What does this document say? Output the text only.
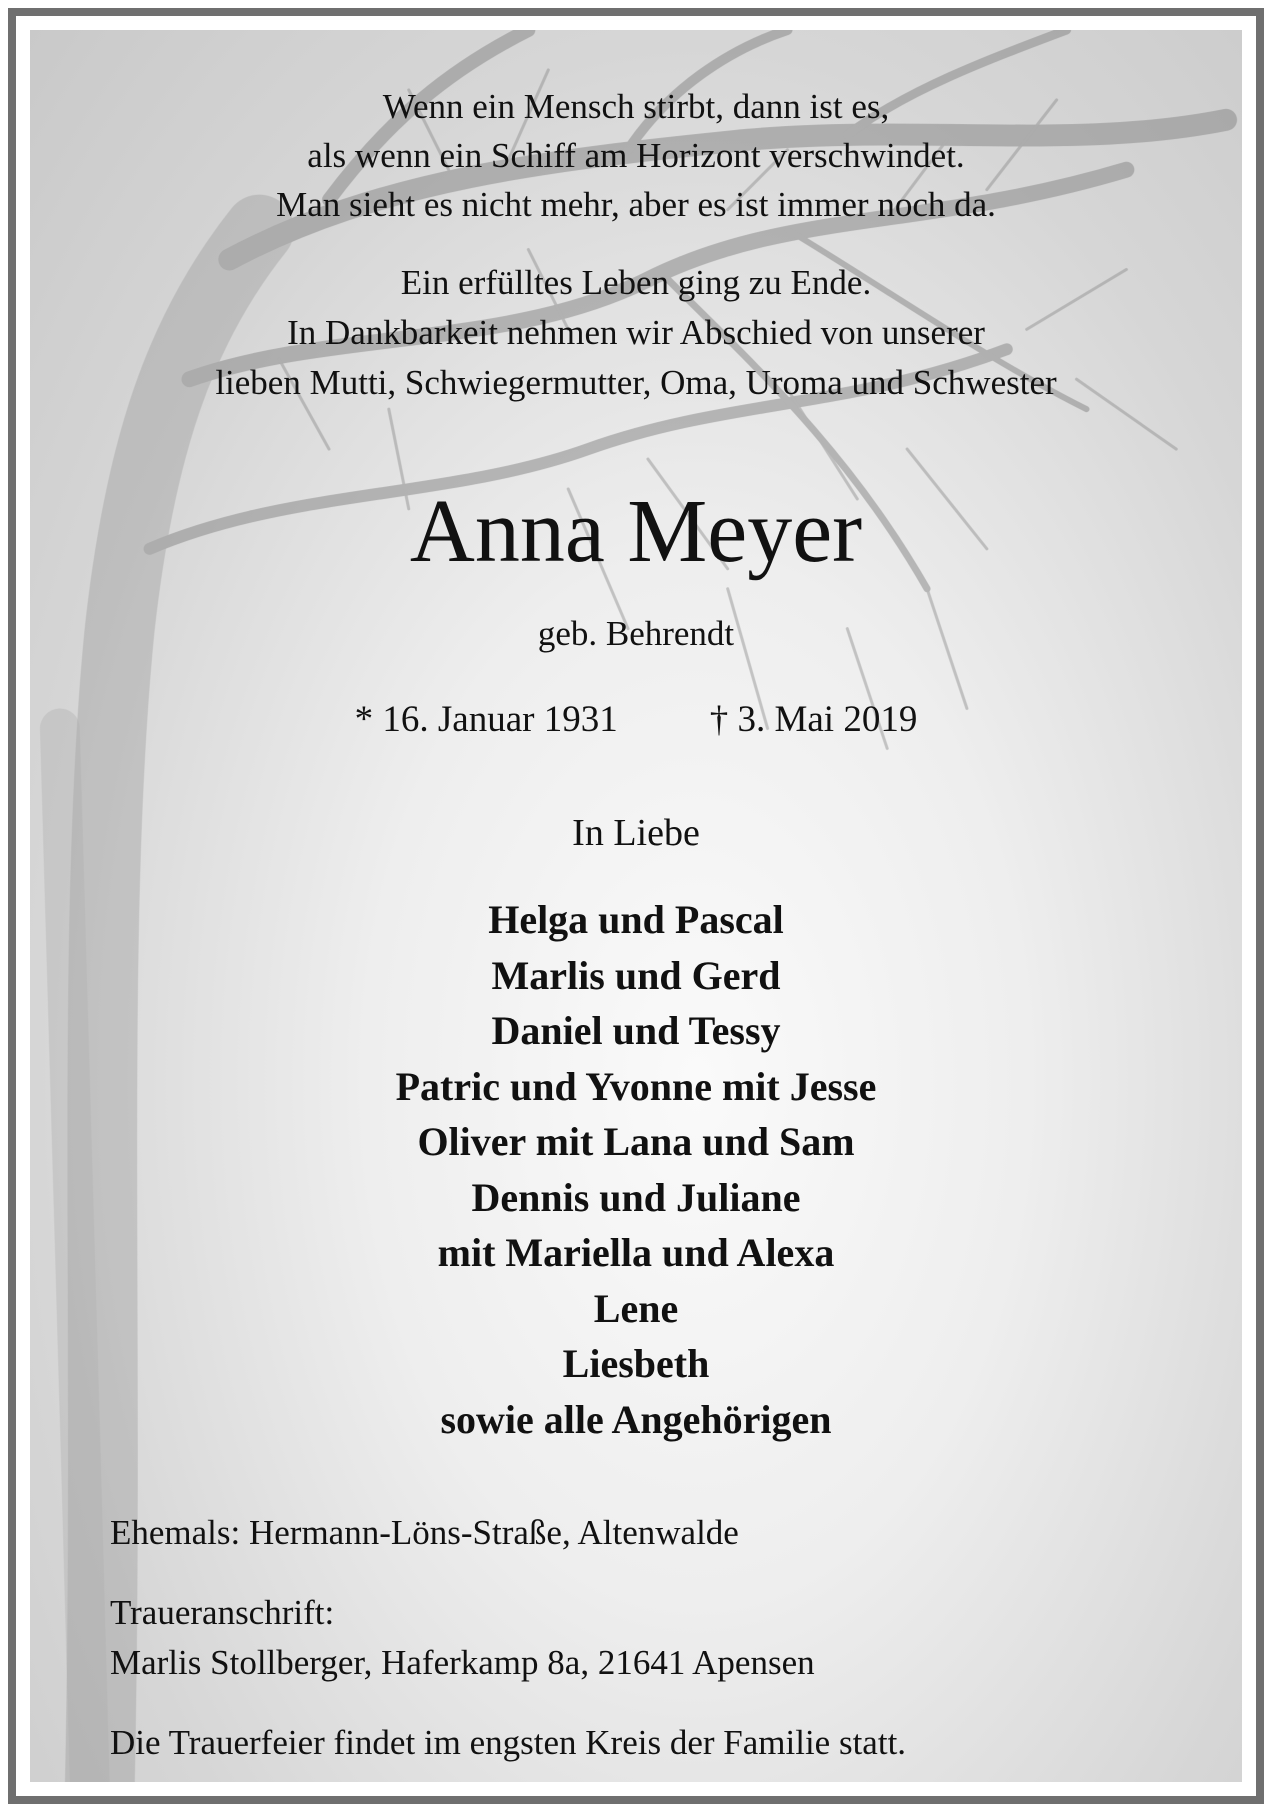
Wenn ein Mensch stirbt, dann ist es,
als wenn ein Schiff am Horizont verschwindet.
Man sieht es nicht mehr, aber es ist immer noch da.
Ein erfülltes Leben ging zu Ende.
In Dankbarkeit nehmen wir Abschied von unserer
lieben Mutti, Schwiegermutter, Oma, Uroma und Schwester
Anna Meyer
geb. Behrendt
* 16. Januar 1931 † 3. Mai 2019
In Liebe
Helga und Pascal
Marlis und Gerd
Daniel und Tessy
Patric und Yvonne mit Jesse
Oliver mit Lana und Sam
Dennis und Juliane
mit Mariella und Alexa
Lene
Liesbeth
sowie alle Angehörigen
Ehemals: Hermann-Löns-Straße, Altenwalde
Traueranschrift:
Marlis Stollberger, Haferkamp 8a, 21641 Apensen
Die Trauerfeier findet im engsten Kreis der Familie statt.
